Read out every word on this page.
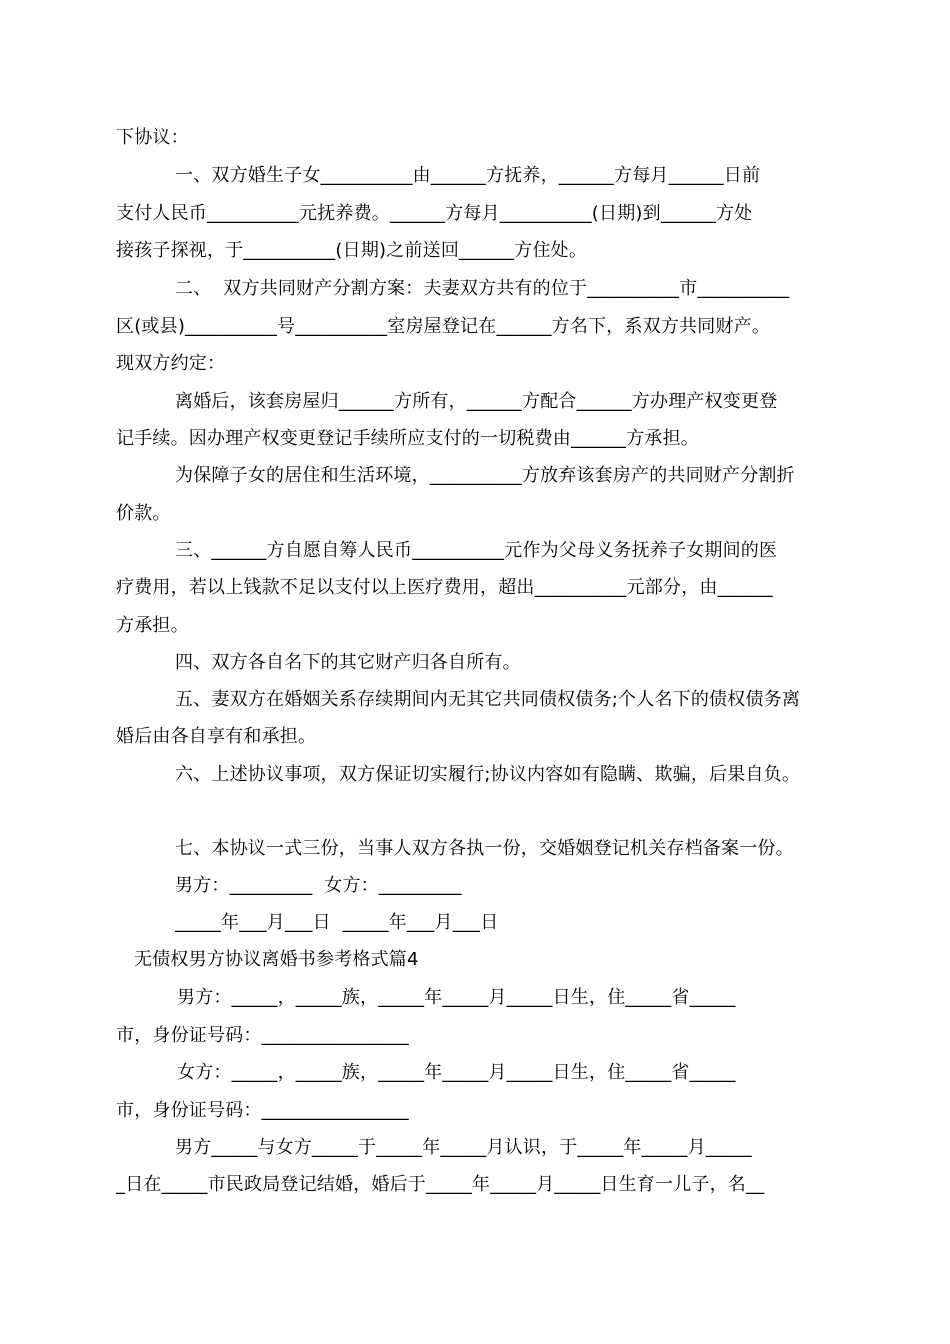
下协议：

一、双方婚生子女__________由______方抚养，______方每月______日前

支付人民币__________元抚养费。______方每月__________(日期)到______方处

接孩子探视，于__________(日期)之前送回______方住处。

二、  双方共同财产分割方案：夫妻双方共有的位于__________市__________

区(或县)__________号__________室房屋登记在______方名下，系双方共同财产。

现双方约定：

离婚后，该套房屋归______方所有，______方配合______方办理产权变更登

记手续。因办理产权变更登记手续所应支付的一切税费由______方承担。

为保障子女的居住和生活环境，__________方放弃该套房产的共同财产分割折

价款。

三、______方自愿自筹人民币__________元作为父母义务抚养子女期间的医

疗费用，若以上钱款不足以支付以上医疗费用，超出__________元部分，由______

方承担。

四、双方各自名下的其它财产归各自所有。

五、妻双方在婚姻关系存续期间内无其它共同债权债务;个人名下的债权债务离

婚后由各自享有和承担。

六、上述协议事项，双方保证切实履行;协议内容如有隐瞒、欺骗，后果自负。

七、本协议一式三份，当事人双方各执一份，交婚姻登记机关存档备案一份。

男方：_________  女方：_________

_____年___月___日  _____年___月___日

无债权男方协议离婚书参考格式篇4

男方：_____，_____族，_____年_____月_____日生，住_____省_____

市，身份证号码：________________

女方：_____，_____族，_____年_____月_____日生，住_____省_____

市，身份证号码：________________

男方_____与女方_____于_____年_____月认识，于_____年_____月_____

_日在_____市民政局登记结婚，婚后于_____年_____月_____日生育一儿子，名__
